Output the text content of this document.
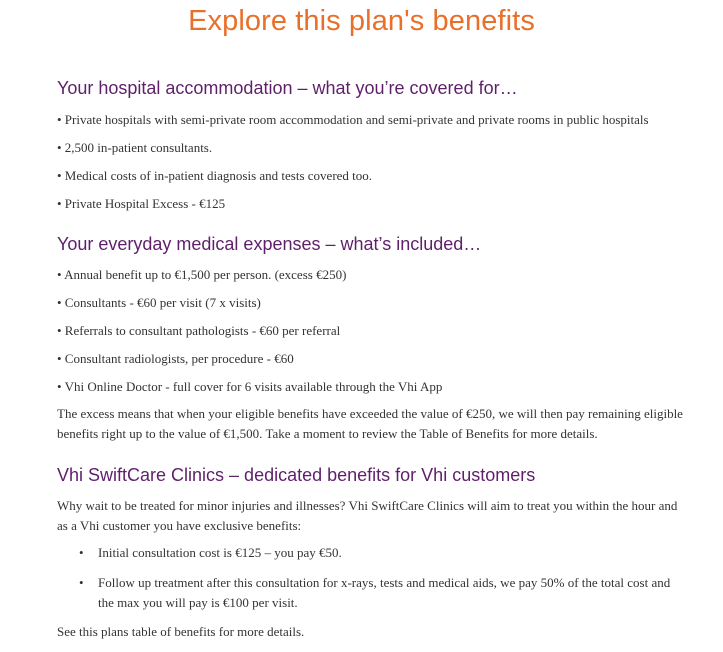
Explore this plan's benefits
Your hospital accommodation – what you’re covered for…

• Private hospitals with semi-private room accommodation and semi-private and private rooms in public hospitals

• 2,500 in-patient consultants.

• Medical costs of in-patient diagnosis and tests covered too.

• Private Hospital Excess - €125

Your everyday medical expenses – what’s included…

• Annual benefit up to €1,500 per person. (excess €250)

• Consultants - €60 per visit (7 x visits)

• Referrals to consultant pathologists - €60 per referral

• Consultant radiologists, per procedure - €60

• Vhi Online Doctor - full cover for 6 visits available through the Vhi App

The excess means that when your eligible benefits have exceeded the value of €250, we will then pay remaining eligible benefits right up to the value of €1,500. Take a moment to review the Table of Benefits for more details.

Vhi SwiftCare Clinics – dedicated benefits for Vhi customers

Why wait to be treated for minor injuries and illnesses? Vhi SwiftCare Clinics will aim to treat you within the hour and as a Vhi customer you have exclusive benefits:

• Initial consultation cost is €125 – you pay €50.

• Follow up treatment after this consultation for x-rays, tests and medical aids, we pay 50% of the total cost and the max you will pay is €100 per visit.

See this plans table of benefits for more details.
